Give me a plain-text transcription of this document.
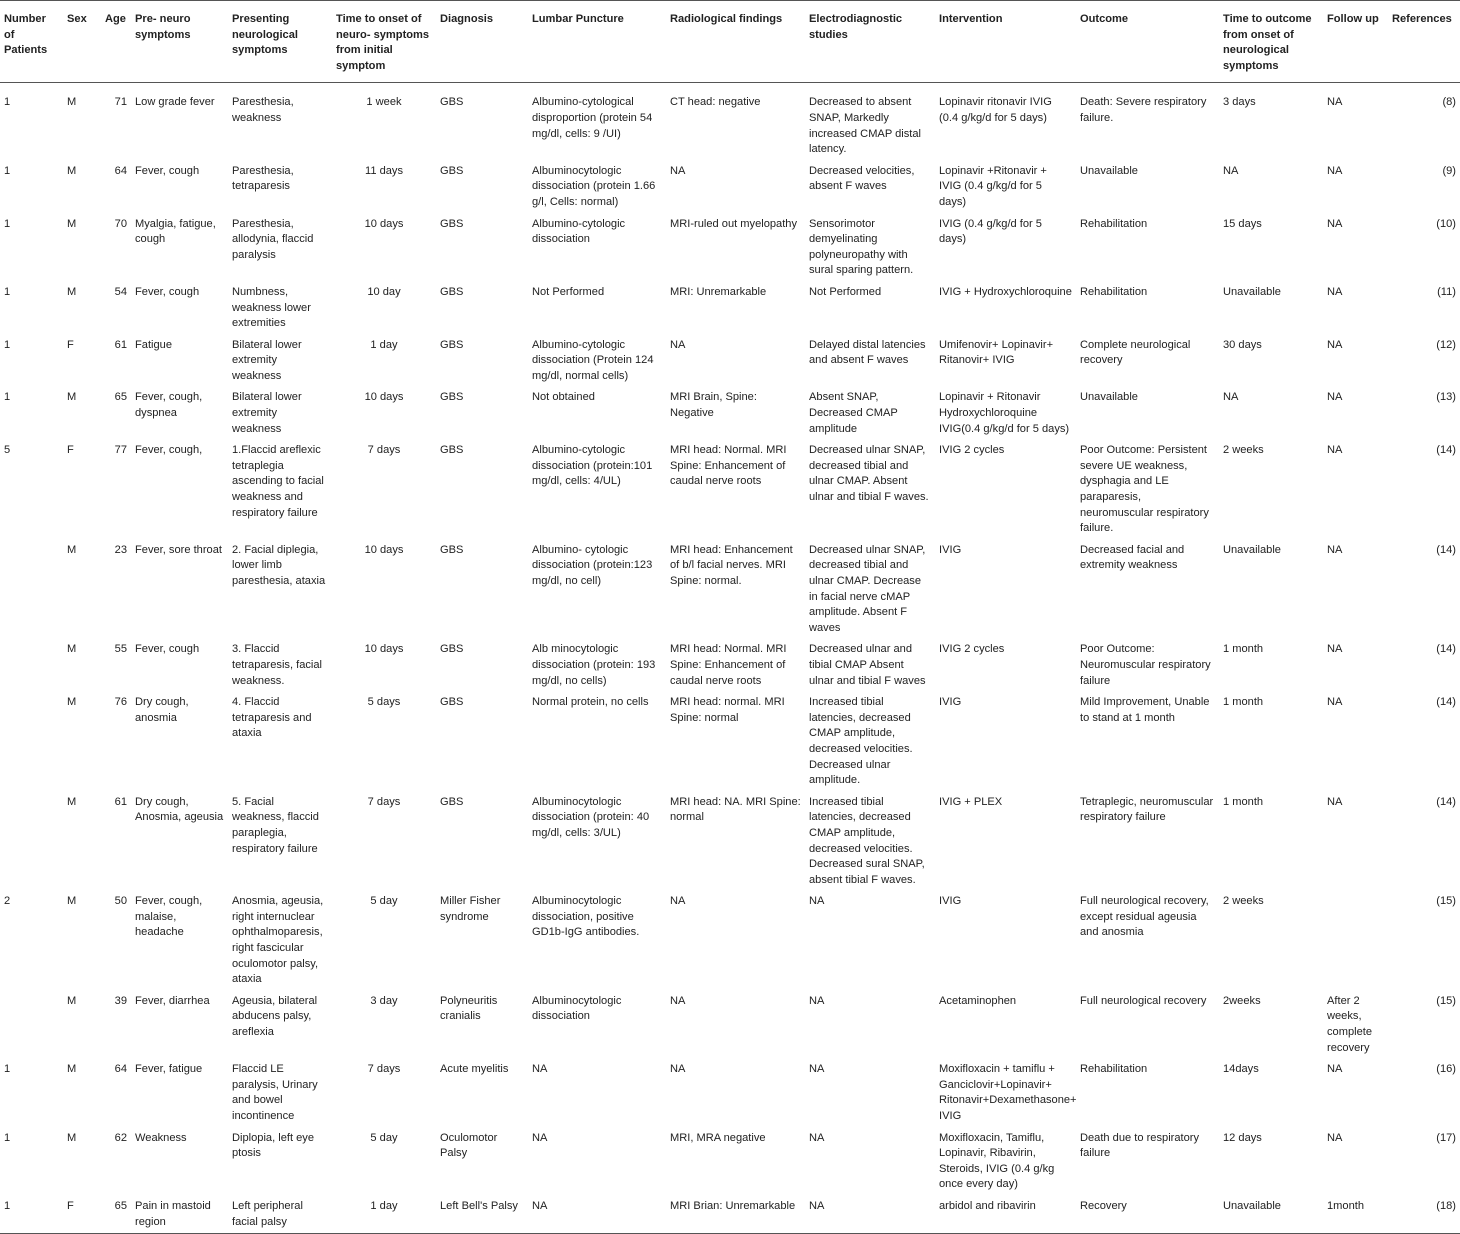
Number of Patients	Sex	Age	Pre- neuro symptoms	Presenting neurological symptoms	Time to onset of neuro- symptoms from initial symptom	Diagnosis	Lumbar Puncture	Radiological findings	Electrodiagnostic studies	Intervention	Outcome	Time to outcome from onset of neurological symptoms	Follow up	References
1	M	71	Low grade fever	Paresthesia, weakness	1 week	GBS	Albumino-cytological disproportion (protein 54 mg/dl, cells: 9 /UI)	CT head: negative	Decreased to absent SNAP, Markedly increased CMAP distal latency.	Lopinavir ritonavir IVIG (0.4 g/kg/d for 5 days)	Death: Severe respiratory failure.	3 days	NA	(8)
1	M	64	Fever, cough	Paresthesia, tetraparesis	11 days	GBS	Albuminocytologic dissociation (protein 1.66 g/l, Cells: normal)	NA	Decreased velocities, absent F waves	Lopinavir +Ritonavir + IVIG (0.4 g/kg/d for 5 days)	Unavailable	NA	NA	(9)
1	M	70	Myalgia, fatigue, cough	Paresthesia, allodynia, flaccid paralysis	10 days	GBS	Albumino-cytologic dissociation	MRI-ruled out myelopathy	Sensorimotor demyelinating polyneuropathy with sural sparing pattern.	IVIG (0.4 g/kg/d for 5 days)	Rehabilitation	15 days	NA	(10)
1	M	54	Fever, cough	Numbness, weakness lower extremities	10 day	GBS	Not Performed	MRI: Unremarkable	Not Performed	IVIG + Hydroxychloroquine	Rehabilitation	Unavailable	NA	(11)
1	F	61	Fatigue	Bilateral lower extremity weakness	1 day	GBS	Albumino-cytologic dissociation (Protein 124 mg/dl, normal cells)	NA	Delayed distal latencies and absent F waves	Umifenovir+ Lopinavir+ Ritanovir+ IVIG	Complete neurological recovery	30 days	NA	(12)
1	M	65	Fever, cough, dyspnea	Bilateral lower extremity weakness	10 days	GBS	Not obtained	MRI Brain, Spine: Negative	Absent SNAP, Decreased CMAP amplitude	Lopinavir + Ritonavir Hydroxychloroquine IVIG(0.4 g/kg/d for 5 days)	Unavailable	NA	NA	(13)
5	F	77	Fever, cough,	1.Flaccid areflexic tetraplegia ascending to facial weakness and respiratory failure	7 days	GBS	Albumino-cytologic dissociation (protein:101 mg/dl, cells: 4/UL)	MRI head: Normal. MRI Spine: Enhancement of caudal nerve roots	Decreased ulnar SNAP, decreased tibial and ulnar CMAP. Absent ulnar and tibial F waves.	IVIG 2 cycles	Poor Outcome: Persistent severe UE weakness, dysphagia and LE paraparesis, neuromuscular respiratory failure.	2 weeks	NA	(14)
	M	23	Fever, sore throat	2. Facial diplegia, lower limb paresthesia, ataxia	10 days	GBS	Albumino- cytologic dissociation (protein:123 mg/dl, no cell)	MRI head: Enhancement of b/l facial nerves. MRI Spine: normal.	Decreased ulnar SNAP, decreased tibial and ulnar CMAP. Decrease in facial nerve cMAP amplitude. Absent F waves	IVIG	Decreased facial and extremity weakness	Unavailable	NA	(14)
	M	55	Fever, cough	3. Flaccid tetraparesis, facial weakness.	10 days	GBS	Alb minocytologic dissociation (protein: 193 mg/dl, no cells)	MRI head: Normal. MRI Spine: Enhancement of caudal nerve roots	Decreased ulnar and tibial CMAP Absent ulnar and tibial F waves	IVIG 2 cycles	Poor Outcome: Neuromuscular respiratory failure	1 month	NA	(14)
	M	76	Dry cough, anosmia	4. Flaccid tetraparesis and ataxia	5 days	GBS	Normal protein, no cells	MRI head: normal. MRI Spine: normal	Increased tibial latencies, decreased CMAP amplitude, decreased velocities. Decreased ulnar amplitude.	IVIG	Mild Improvement, Unable to stand at 1 month	1 month	NA	(14)
	M	61	Dry cough, Anosmia, ageusia	5. Facial weakness, flaccid paraplegia, respiratory failure	7 days	GBS	Albuminocytologic dissociation (protein: 40 mg/dl, cells: 3/UL)	MRI head: NA. MRI Spine: normal	Increased tibial latencies, decreased CMAP amplitude, decreased velocities. Decreased sural SNAP, absent tibial F waves.	IVIG + PLEX	Tetraplegic, neuromuscular respiratory failure	1 month	NA	(14)
2	M	50	Fever, cough, malaise, headache	Anosmia, ageusia, right internuclear ophthalmoparesis, right fascicular oculomotor palsy, ataxia	5 day	Miller Fisher syndrome	Albuminocytologic dissociation, positive GD1b-IgG antibodies.	NA	NA	IVIG	Full neurological recovery, except residual ageusia and anosmia	2 weeks		(15)
	M	39	Fever, diarrhea	Ageusia, bilateral abducens palsy, areflexia	3 day	Polyneuritis cranialis	Albuminocytologic dissociation	NA	NA	Acetaminophen	Full neurological recovery	2weeks	After 2 weeks, complete recovery	(15)
1	M	64	Fever, fatigue	Flaccid LE paralysis, Urinary and bowel incontinence	7 days	Acute myelitis	NA	NA	NA	Moxifloxacin + tamiflu + Ganciclovir+Lopinavir+ Ritonavir+Dexamethasone+ IVIG	Rehabilitation	14days	NA	(16)
1	M	62	Weakness	Diplopia, left eye ptosis	5 day	Oculomotor Palsy	NA	MRI, MRA negative	NA	Moxifloxacin, Tamiflu, Lopinavir, Ribavirin, Steroids, IVIG (0.4 g/kg once every day)	Death due to respiratory failure	12 days	NA	(17)
1	F	65	Pain in mastoid region	Left peripheral facial palsy	1 day	Left Bell's Palsy	NA	MRI Brian: Unremarkable	NA	arbidol and ribavirin	Recovery	Unavailable	1month	(18)
